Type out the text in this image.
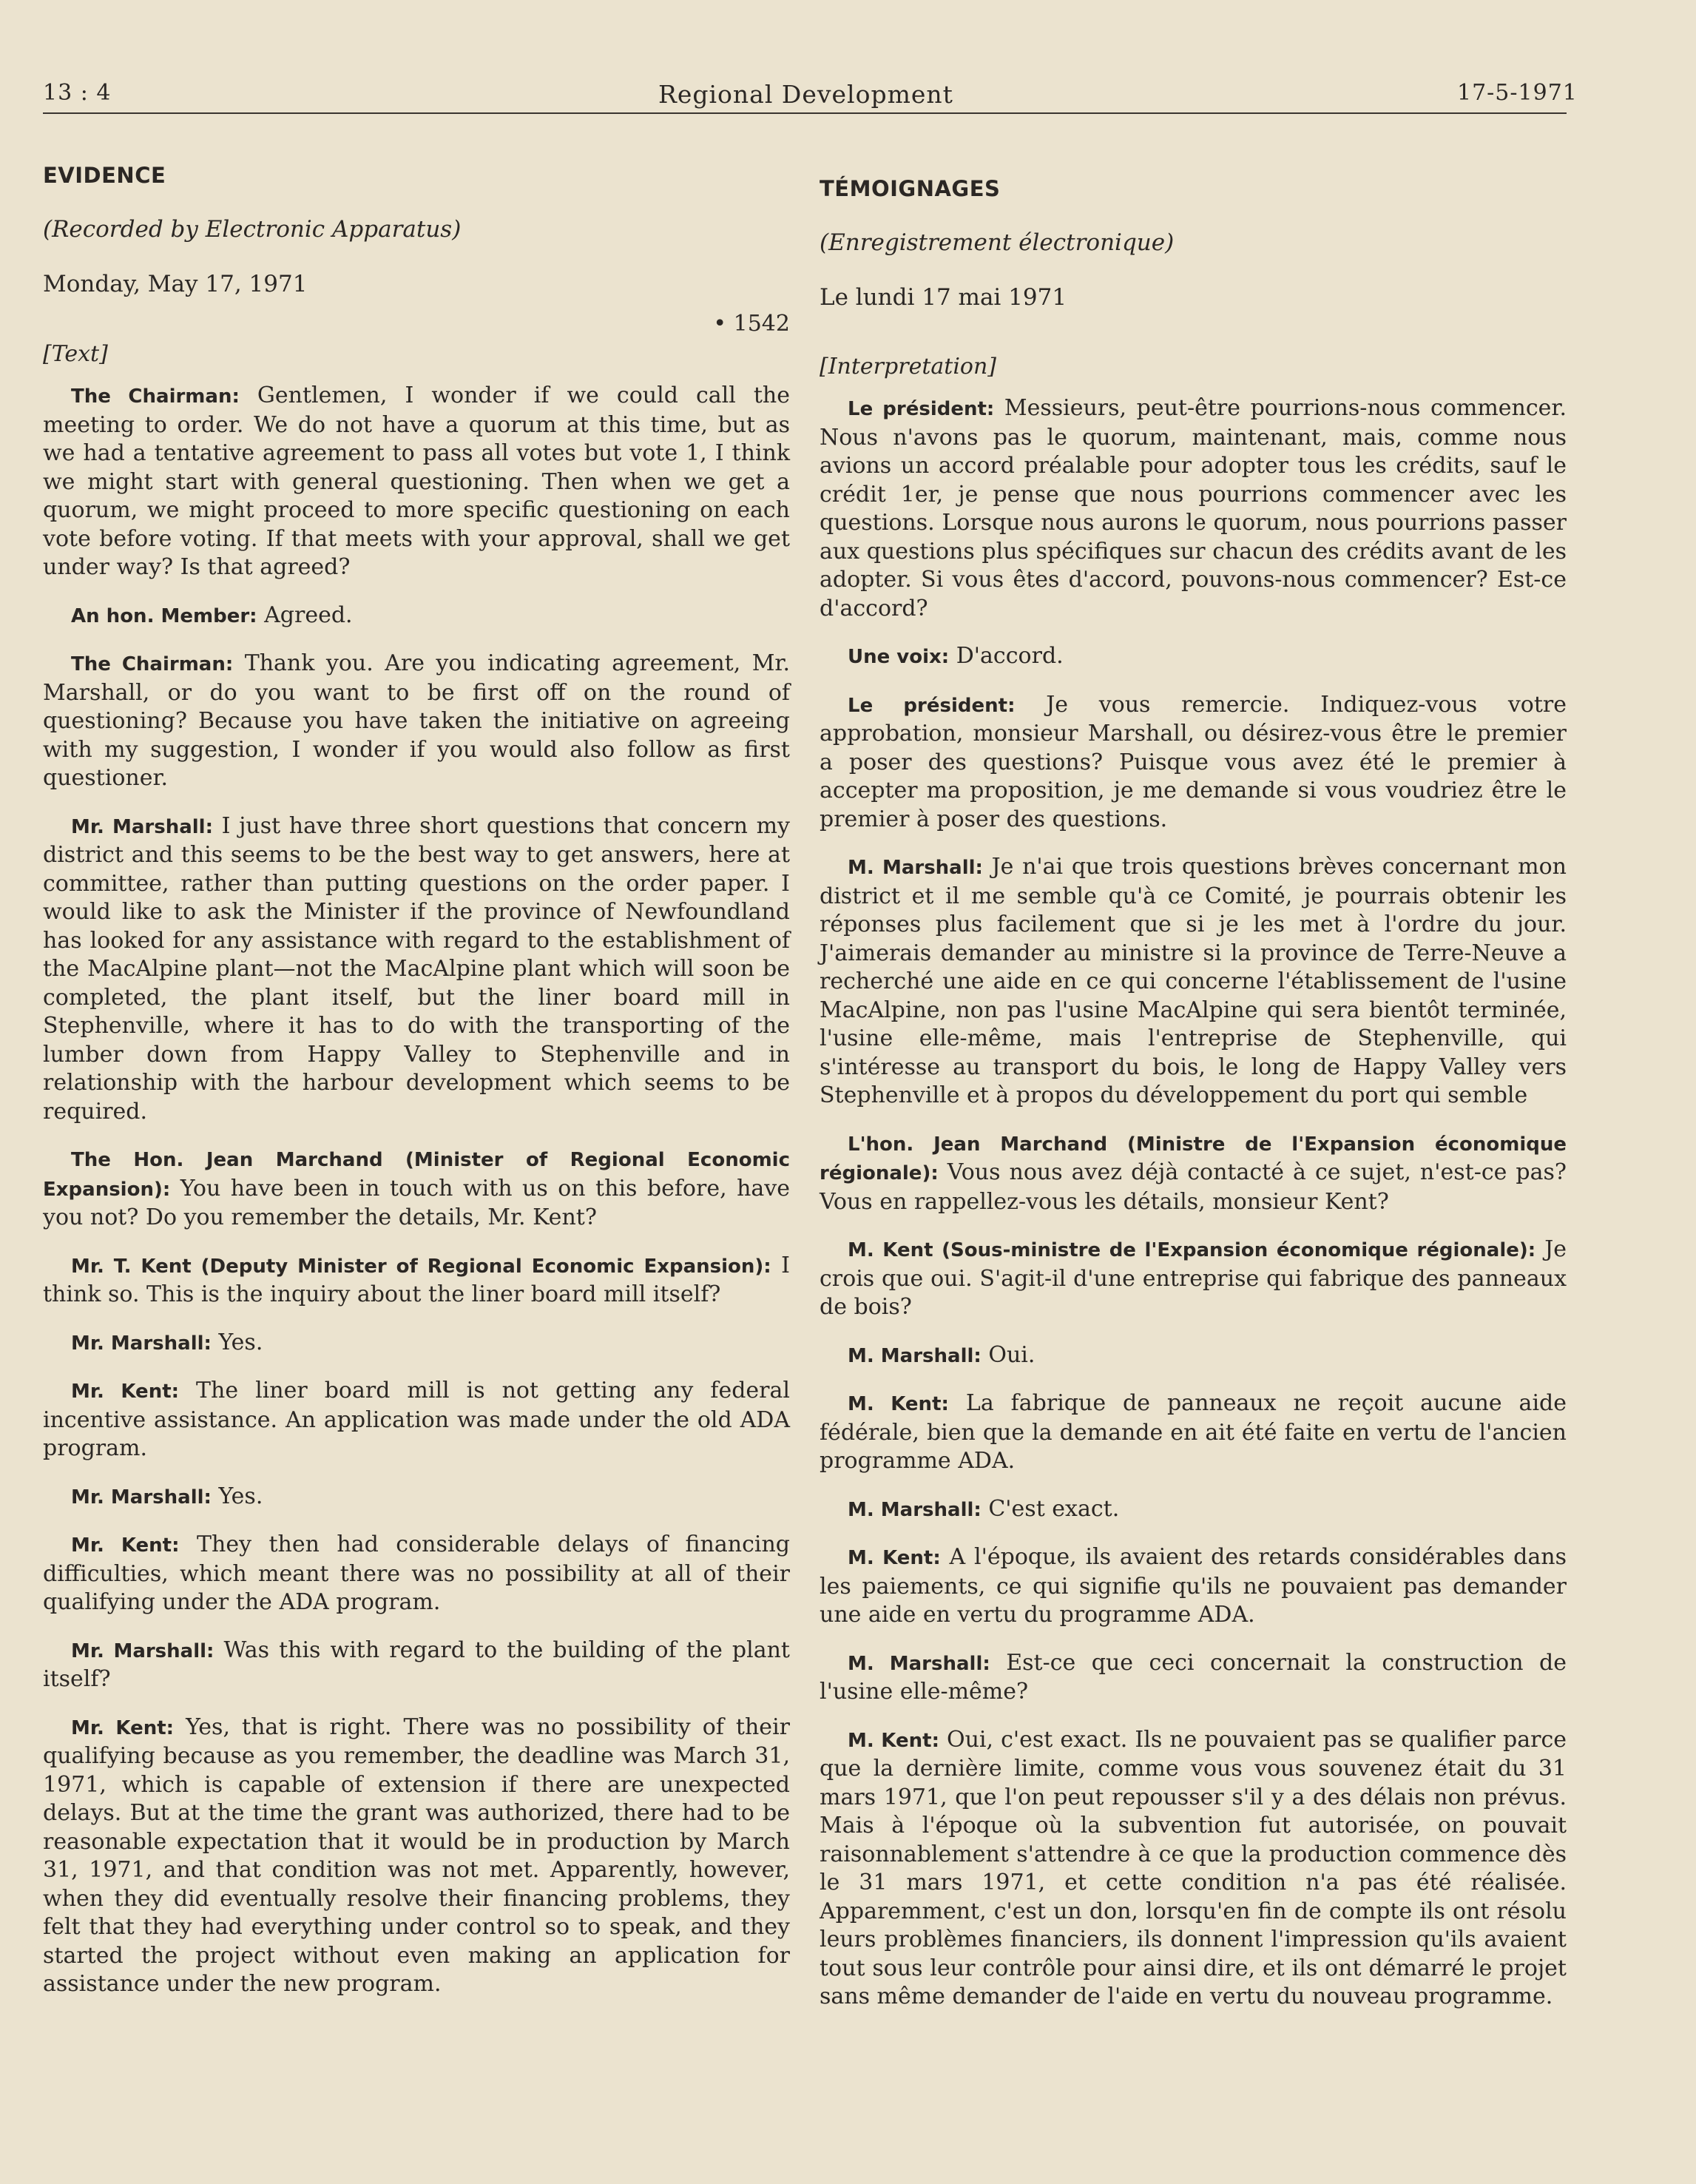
13 : 4	Regional Development	17-5-1971
EVIDENCE
(Recorded by Electronic Apparatus)
Monday, May 17, 1971
• 1542
[Text]

The Chairman: Gentlemen, I wonder if we could call the meeting to order. We do not have a quorum at this time, but as we had a tentative agreement to pass all votes but vote 1, I think we might start with general questioning. Then when we get a quorum, we might proceed to more specific questioning on each vote before voting. If that meets with your approval, shall we get under way? Is that agreed?

An hon. Member: Agreed.

The Chairman: Thank you. Are you indicating agreement, Mr. Marshall, or do you want to be first off on the round of questioning? Because you have taken the initiative on agreeing with my suggestion, I wonder if you would also follow as first questioner.

Mr. Marshall: I just have three short questions that concern my district and this seems to be the best way to get answers, here at committee, rather than putting questions on the order paper. I would like to ask the Minister if the province of Newfoundland has looked for any assistance with regard to the establishment of the MacAlpine plant—not the MacAlpine plant which will soon be completed, the plant itself, but the liner board mill in Stephenville, where it has to do with the transporting of the lumber down from Happy Valley to Stephenville and in relationship with the harbour development which seems to be required.

The Hon. Jean Marchand (Minister of Regional Economic Expansion): You have been in touch with us on this before, have you not? Do you remember the details, Mr. Kent?

Mr. T. Kent (Deputy Minister of Regional Economic Expansion): I think so. This is the inquiry about the liner board mill itself?

Mr. Marshall: Yes.

Mr. Kent: The liner board mill is not getting any federal incentive assistance. An application was made under the old ADA program.

Mr. Marshall: Yes.

Mr. Kent: They then had considerable delays of financing difficulties, which meant there was no possibility at all of their qualifying under the ADA program.

Mr. Marshall: Was this with regard to the building of the plant itself?

Mr. Kent: Yes, that is right. There was no possibility of their qualifying because as you remember, the deadline was March 31, 1971, which is capable of extension if there are unexpected delays. But at the time the grant was authorized, there had to be reasonable expectation that it would be in production by March 31, 1971, and that condition was not met. Apparently, however, when they did eventually resolve their financing problems, they felt that they had everything under control so to speak, and they started the project without even making an application for assistance under the new program.

TÉMOIGNAGES
(Enregistrement électronique)
Le lundi 17 mai 1971
[Interpretation]

Le président: Messieurs, peut-être pourrions-nous commencer. Nous n'avons pas le quorum, maintenant, mais, comme nous avions un accord préalable pour adopter tous les crédits, sauf le crédit 1er, je pense que nous pourrions commencer avec les questions. Lorsque nous aurons le quorum, nous pourrions passer aux questions plus spécifiques sur chacun des crédits avant de les adopter. Si vous êtes d'accord, pouvons-nous commencer? Est-ce d'accord?

Une voix: D'accord.

Le président: Je vous remercie. Indiquez-vous votre approbation, monsieur Marshall, ou désirez-vous être le premier a poser des questions? Puisque vous avez été le premier à accepter ma proposition, je me demande si vous voudriez être le premier à poser des questions.

M. Marshall: Je n'ai que trois questions brèves concernant mon district et il me semble qu'à ce Comité, je pourrais obtenir les réponses plus facilement que si je les met à l'ordre du jour. J'aimerais demander au ministre si la province de Terre-Neuve a recherché une aide en ce qui concerne l'établissement de l'usine MacAlpine, non pas l'usine MacAlpine qui sera bientôt terminée, l'usine elle-même, mais l'entreprise de Stephenville, qui s'intéresse au transport du bois, le long de Happy Valley vers Stephenville et à propos du développement du port qui semble

L'hon. Jean Marchand (Ministre de l'Expansion économique régionale): Vous nous avez déjà contacté à ce sujet, n'est-ce pas? Vous en rappellez-vous les détails, monsieur Kent?

M. Kent (Sous-ministre de l'Expansion économique régionale): Je crois que oui. S'agit-il d'une entreprise qui fabrique des panneaux de bois?

M. Marshall: Oui.

M. Kent: La fabrique de panneaux ne reçoit aucune aide fédérale, bien que la demande en ait été faite en vertu de l'ancien programme ADA.

M. Marshall: C'est exact.

M. Kent: A l'époque, ils avaient des retards considérables dans les paiements, ce qui signifie qu'ils ne pouvaient pas demander une aide en vertu du programme ADA.

M. Marshall: Est-ce que ceci concernait la construction de l'usine elle-même?

M. Kent: Oui, c'est exact. Ils ne pouvaient pas se qualifier parce que la dernière limite, comme vous vous souvenez était du 31 mars 1971, que l'on peut repousser s'il y a des délais non prévus. Mais à l'époque où la subvention fut autorisée, on pouvait raisonnablement s'attendre à ce que la production commence dès le 31 mars 1971, et cette condition n'a pas été réalisée. Apparemment, c'est un don, lorsqu'en fin de compte ils ont résolu leurs problèmes financiers, ils donnent l'impression qu'ils avaient tout sous leur contrôle pour ainsi dire, et ils ont démarré le projet sans même demander de l'aide en vertu du nouveau programme.
